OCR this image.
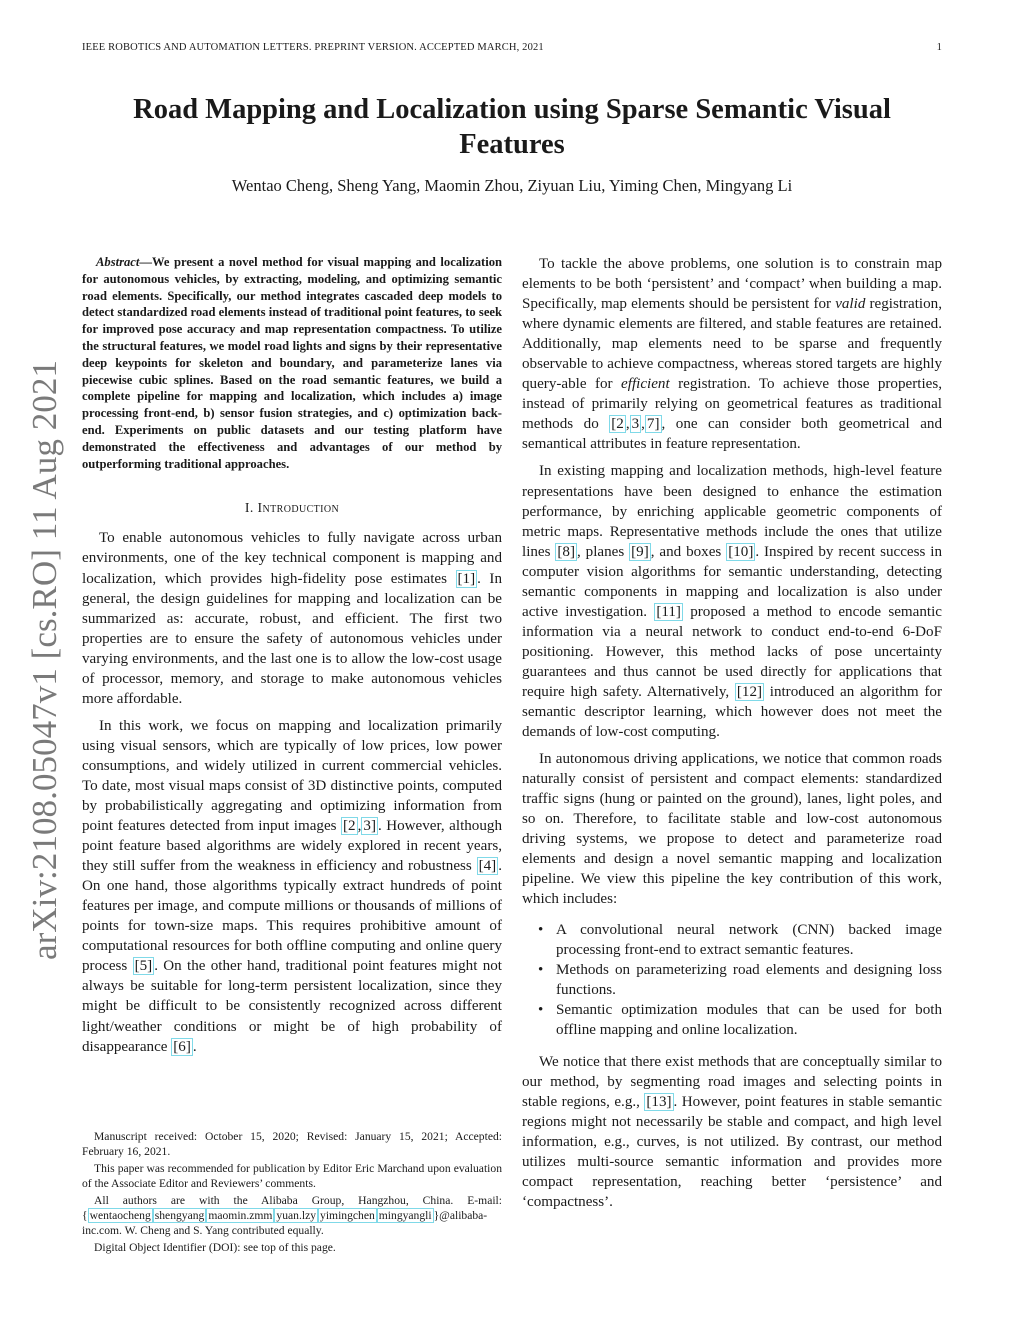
IEEE ROBOTICS AND AUTOMATION LETTERS. PREPRINT VERSION. ACCEPTED MARCH, 2021	1
Road Mapping and Localization using Sparse Semantic Visual Features
Wentao Cheng, Sheng Yang, Maomin Zhou, Ziyuan Liu, Yiming Chen, Mingyang Li
arXiv:2108.05047v1 [cs.RO] 11 Aug 2021

Abstract—We present a novel method for visual mapping and localization for autonomous vehicles, by extracting, modeling, and optimizing semantic road elements. Specifically, our method integrates cascaded deep models to detect standardized road elements instead of traditional point features, to seek for improved pose accuracy and map representation compactness. To utilize the structural features, we model road lights and signs by their representative deep keypoints for skeleton and boundary, and parameterize lanes via piecewise cubic splines. Based on the road semantic features, we build a complete pipeline for mapping and localization, which includes a) image processing front-end, b) sensor fusion strategies, and c) optimization back-end. Experiments on public datasets and our testing platform have demonstrated the effectiveness and advantages of our method by outperforming traditional approaches.

I. Introduction

To enable autonomous vehicles to fully navigate across urban environments, one of the key technical component is mapping and localization, which provides high-fidelity pose estimates [1] . In general, the design guidelines for mapping and localization can be summarized as: accurate, robust, and efficient. The first two properties are to ensure the safety of autonomous vehicles under varying environments, and the last one is to allow the low-cost usage of processor, memory, and storage to make autonomous vehicles more affordable.

In this work, we focus on mapping and localization primarily using visual sensors, which are typically of low prices, low power consumptions, and widely utilized in current commercial vehicles. To date, most visual maps consist of 3D distinctive points, computed by probabilistically aggregating and optimizing information from point features detected from input images [2 , 3] . However, although point feature based algorithms are widely explored in recent years, they still suffer from the weakness in efficiency and robustness [4] . On one hand, those algorithms typically extract hundreds of point features per image, and compute millions or thousands of millions of points for town-size maps. This requires prohibitive amount of computational resources for both offline computing and online query process [5] . On the other hand, traditional point features might not always be suitable for long-term persistent localization, since they might be difficult to be consistently recognized across different light/weather conditions or might be of high probability of disappearance [6] .

Manuscript received: October 15, 2020; Revised: January 15, 2021; Accepted: February 16, 2021.

This paper was recommended for publication by Editor Eric Marchand upon evaluation of the Associate Editor and Reviewers’ comments.

All authors are with the Alibaba Group, Hangzhou, China. E-mail: { wentaocheng shengyang maomin.zmm yuan.lzy yimingchen mingyangli }@alibaba-inc.com. W. Cheng and S. Yang contributed equally.

Digital Object Identifier (DOI): see top of this page.

To tackle the above problems, one solution is to constrain map elements to be both ‘persistent’ and ‘compact’ when building a map. Specifically, map elements should be persistent for valid registration, where dynamic elements are filtered, and stable features are retained. Additionally, map elements need to be sparse and frequently observable to achieve compactness, whereas stored targets are highly query-able for efficient registration. To achieve those properties, instead of primarily relying on geometrical features as traditional methods do [2 , 3 , 7] , one can consider both geometrical and semantical attributes in feature representation.

In existing mapping and localization methods, high-level feature representations have been designed to enhance the estimation performance, by enriching applicable geometric components of metric maps. Representative methods include the ones that utilize lines [8] , planes [9] , and boxes [10] . Inspired by recent success in computer vision algorithms for semantic understanding, detecting semantic components in mapping and localization is also under active investigation. [11] proposed a method to encode semantic information via a neural network to conduct end-to-end 6-DoF positioning. However, this method lacks of pose uncertainty guarantees and thus cannot be used directly for applications that require high safety. Alternatively, [12] introduced an algorithm for semantic descriptor learning, which however does not meet the demands of low-cost computing.

In autonomous driving applications, we notice that common roads naturally consist of persistent and compact elements: standardized traffic signs (hung or painted on the ground), lanes, light poles, and so on. Therefore, to facilitate stable and low-cost autonomous driving systems, we propose to detect and parameterize road elements and design a novel semantic mapping and localization pipeline. We view this pipeline the key contribution of this work, which includes:

• A convolutional neural network (CNN) backed image processing front-end to extract semantic features.
• Methods on parameterizing road elements and designing loss functions.
• Semantic optimization modules that can be used for both offline mapping and online localization.

We notice that there exist methods that are conceptually similar to our method, by segmenting road images and selecting points in stable regions, e.g., [13] . However, point features in stable semantic regions might not necessarily be stable and compact, and high level information, e.g., curves, is not utilized. By contrast, our method utilizes multi-source semantic information and provides more compact representation, reaching better ‘persistence’ and ‘compactness’.
